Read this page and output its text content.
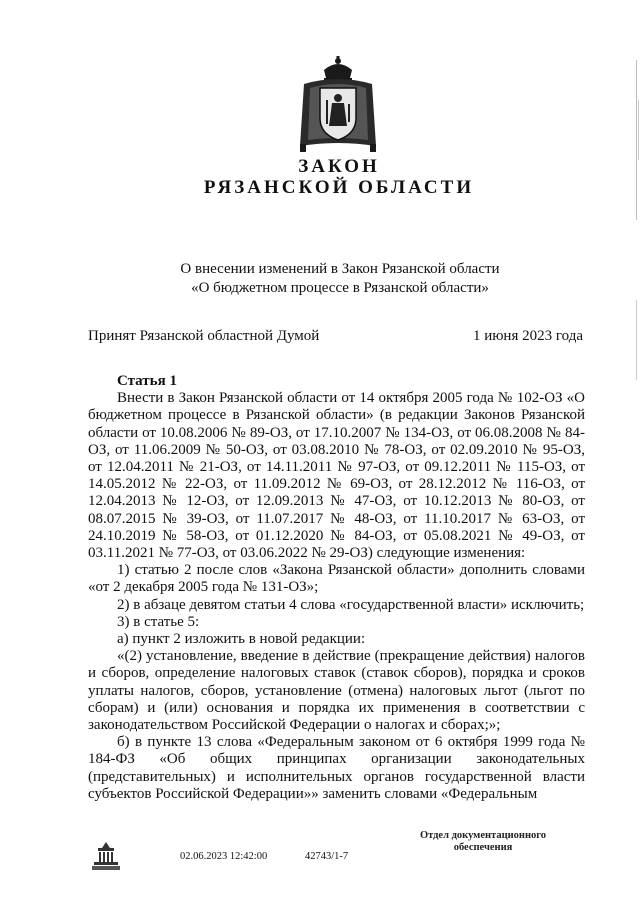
ЗАКОН
РЯЗАНСКОЙ ОБЛАСТИ
О внесении изменений в Закон Рязанской области
«О бюджетном процессе в Рязанской области»
Принят Рязанской областной Думой	1 июня 2023 года

Статья 1

Внести в Закон Рязанской области от 14 октября 2005 года № 102-ОЗ «О бюджетном процессе в Рязанской области» (в редакции Законов Рязанской области от 10.08.2006 № 89-ОЗ, от 17.10.2007 № 134-ОЗ, от 06.08.2008 № 84-ОЗ, от 11.06.2009 № 50-ОЗ, от 03.08.2010 № 78-ОЗ, от 02.09.2010 № 95-ОЗ, от 12.04.2011 № 21-ОЗ, от 14.11.2011 № 97-ОЗ, от 09.12.2011 № 115-ОЗ, от 14.05.2012 № 22-ОЗ, от 11.09.2012 № 69-ОЗ, от 28.12.2012 № 116-ОЗ, от 12.04.2013 № 12-ОЗ, от 12.09.2013 № 47-ОЗ, от 10.12.2013 № 80-ОЗ, от 08.07.2015 № 39-ОЗ, от 11.07.2017 № 48-ОЗ, от 11.10.2017 № 63-ОЗ, от 24.10.2019 № 58-ОЗ, от 01.12.2020 № 84-ОЗ, от 05.08.2021 № 49-ОЗ, от 03.11.2021 № 77-ОЗ, от 03.06.2022 № 29-ОЗ) следующие изменения:

1) статью 2 после слов «Закона Рязанской области» дополнить словами «от 2 декабря 2005 года № 131-ОЗ»;

2) в абзаце девятом статьи 4 слова «государственной власти» исключить;

3) в статье 5:

а) пункт 2 изложить в новой редакции:

«(2) установление, введение в действие (прекращение действия) налогов и сборов, определение налоговых ставок (ставок сборов), порядка и сроков уплаты налогов, сборов, установление (отмена) налоговых льгот (льгот по сборам) и (или) основания и порядка их применения в соответствии с законодательством Российской Федерации о налогах и сборах;»;

б) в пункте 13 слова «Федеральным законом от 6 октября 1999 года № 184-ФЗ «Об общих принципах организации законодательных (представительных) и исполнительных органов государственной власти субъектов Российской Федерации»» заменить словами «Федеральным

Отдел документационного
обеспечения
02.06.2023 12:42:00	42743/1-7
